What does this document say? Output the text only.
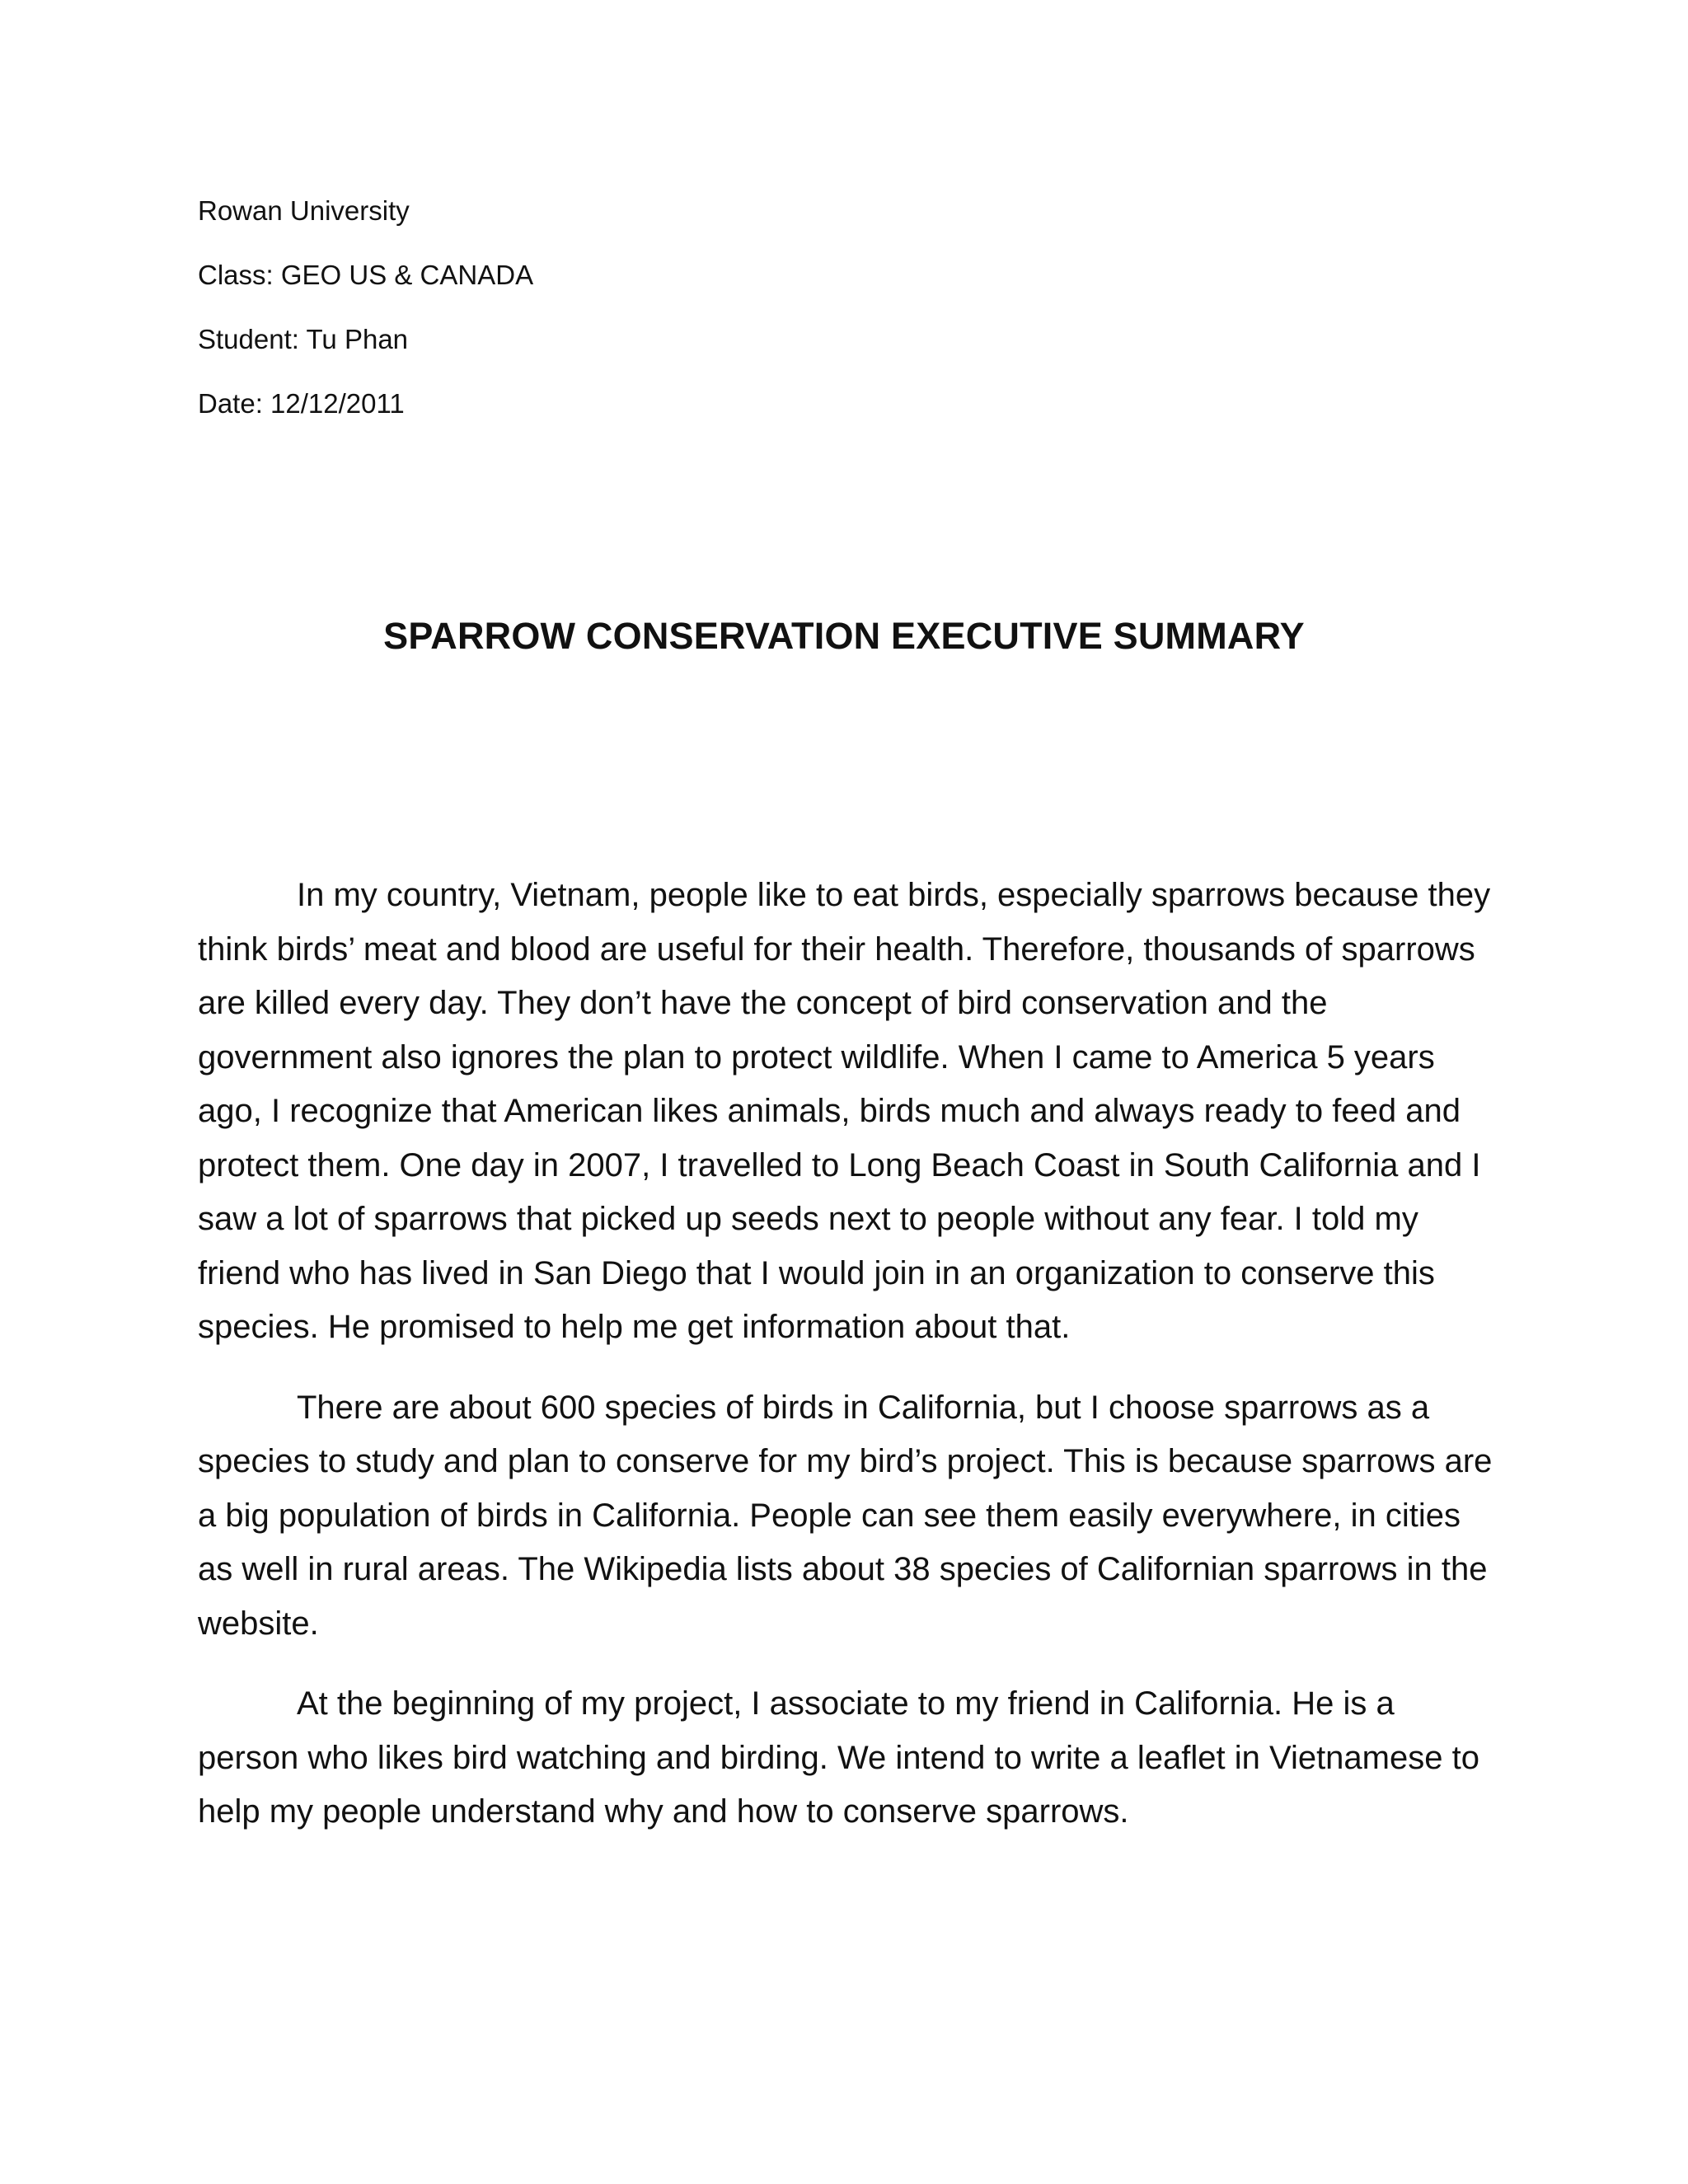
Rowan University

Class: GEO US & CANADA

Student: Tu Phan

Date: 12/12/2011

SPARROW CONSERVATION EXECUTIVE SUMMARY

In my country, Vietnam, people like to eat birds, especially sparrows because they think birds’ meat and blood are useful for their health. Therefore, thousands of sparrows are killed every day. They don’t have the concept of bird conservation and the government also ignores the plan to protect wildlife. When I came to America 5 years ago, I recognize that American likes animals, birds much and always ready to feed and protect them. One day in 2007, I travelled to Long Beach Coast in South California and I saw a lot of sparrows that picked up seeds next to people without any fear. I told my friend who has lived in San Diego that I would join in an organization to conserve this species. He promised to help me get information about that.

There are about 600 species of birds in California, but I choose sparrows as a species to study and plan to conserve for my bird’s project. This is because sparrows are a big population of birds in California. People can see them easily everywhere, in cities as well in rural areas. The Wikipedia lists about 38 species of Californian sparrows in the website.

At the beginning of my project, I associate to my friend in California. He is a person who likes bird watching and birding. We intend to write a leaflet in Vietnamese to help my people understand why and how to conserve sparrows.
